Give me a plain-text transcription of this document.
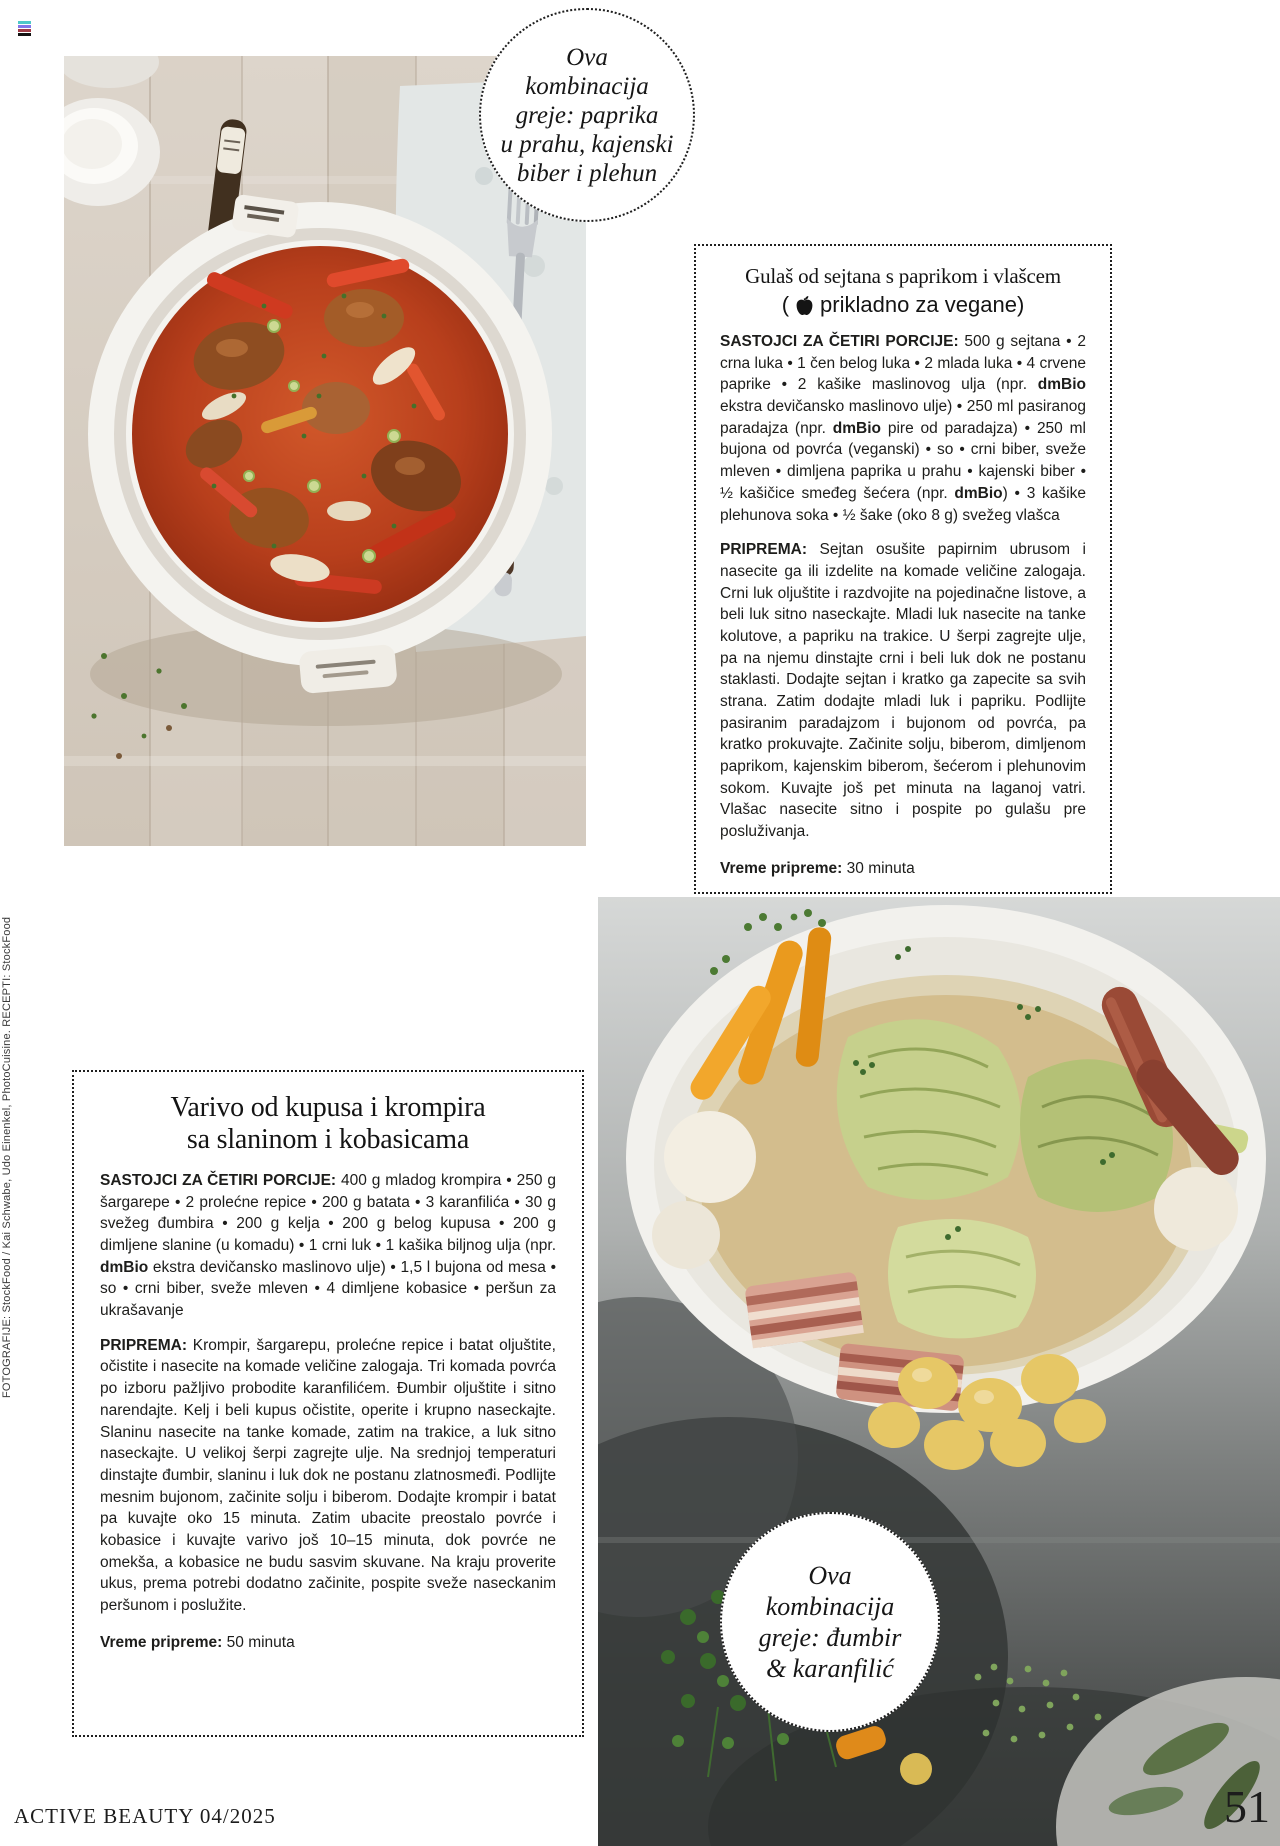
Ova
kombinacija
greje: paprika
u prahu, kajenski
biber i plehun
Gulaš od sejtana s paprikom i vlašcem
( prikladno za vegane)

SASTOJCI ZA ČETIRI PORCIJE: 500 g sejtana • 2 crna luka • 1 čen belog luka • 2 mlada luka • 4 crvene paprike • 2 kašike maslinovog ulja (npr. dmBio ekstra devičansko maslinovo ulje) • 250 ml pasiranog paradajza (npr. dmBio pire od paradajza) • 250 ml bujona od povrća (veganski) • so • crni biber, sveže mleven • dimljena paprika u prahu • kajenski biber • ½ kašičice smeđeg šećera (npr. dmBio) • 3 kašike plehunova soka • ½ šake (oko 8 g) svežeg vlašca

PRIPREMA: Sejtan osušite papirnim ubrusom i nasecite ga ili izdelite na komade veličine zalogaja. Crni luk oljuštite i razdvojite na pojedinačne listove, a beli luk sitno naseckajte. Mladi luk nasecite na tanke kolutove, a papriku na trakice. U šerpi zagrejte ulje, pa na njemu dinstajte crni i beli luk dok ne postanu staklasti. Dodajte sejtan i kratko ga zapecite sa svih strana. Zatim dodajte mladi luk i papriku. Podlijte pasiranim paradajzom i bujonom od povrća, pa kratko prokuvajte. Začinite solju, biberom, dimljenom paprikom, kajenskim biberom, šećerom i plehunovim sokom. Kuvajte još pet minuta na laganoj vatri. Vlašac nasecite sitno i pospite po gulašu pre posluživanja.

Vreme pripreme: 30 minuta

Varivo od kupusa i krompira
sa slaninom i kobasicama

SASTOJCI ZA ČETIRI PORCIJE: 400 g mladog krompira • 250 g šargarepe • 2 prolećne repice • 200 g batata • 3 karanfilića • 30 g svežeg đumbira • 200 g kelja • 200 g belog kupusa • 200 g dimljene slanine (u komadu) • 1 crni luk • 1 kašika biljnog ulja (npr. dmBio ekstra devičansko maslinovo ulje) • 1,5 l bujona od mesa • so • crni biber, sveže mleven • 4 dimljene kobasice • peršun za ukrašavanje

PRIPREMA: Krompir, šargarepu, prolećne repice i batat oljuštite, očistite i nasecite na komade veličine zalogaja. Tri komada povrća po izboru pažljivo probodite karanfilićem. Đumbir oljuštite i sitno narendajte. Kelj i beli kupus očistite, operite i krupno naseckajte. Slaninu nasecite na tanke komade, zatim na trakice, a luk sitno naseckajte. U velikoj šerpi zagrejte ulje. Na srednjoj temperaturi dinstajte đumbir, slaninu i luk dok ne postanu zlatnosmeđi. Podlijte mesnim bujonom, začinite solju i biberom. Dodajte krompir i batat pa kuvajte oko 15 minuta. Zatim ubacite preostalo povrće i kobasice i kuvajte varivo još 10–15 minuta, dok povrće ne omekša, a kobasice ne budu sasvim skuvane. Na kraju proverite ukus, prema potrebi dodatno začinite, pospite sveže naseckanim peršunom i poslužite.

Vreme pripreme: 50 minuta

Ova
kombinacija
greje: đumbir
& karanfilić
FOTOGRAFIJE: StockFood / Kai Schwabe, Udo Einenkel, PhotoCuisine. RECEPTI: StockFood
ACTIVE BEAUTY 04/2025	51
